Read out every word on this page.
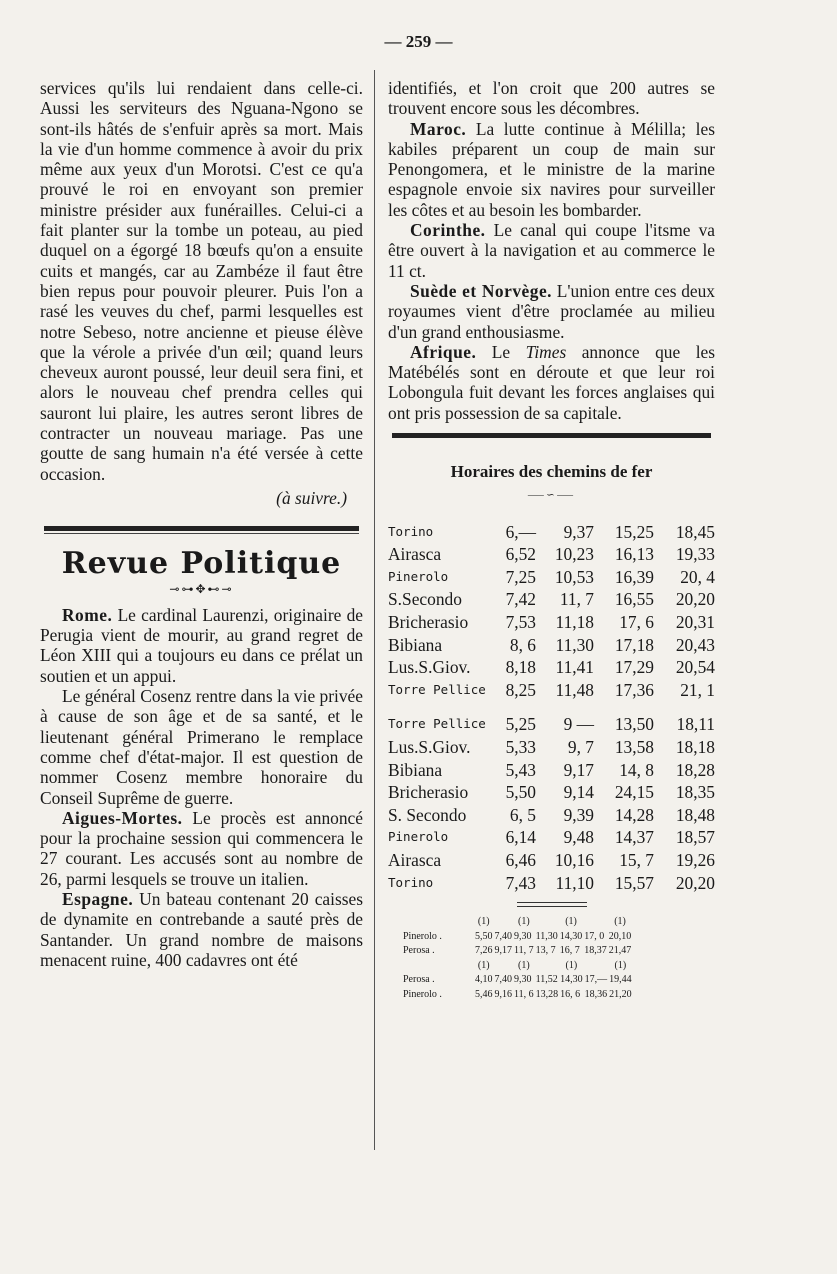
— 259 —

services qu'ils lui rendaient dans celle-ci. Aussi les serviteurs des Nguana-Ngono se sont-ils hâtés de s'enfuir après sa mort. Mais la vie d'un homme commence à avoir du prix même aux yeux d'un Morotsi. C'est ce qu'a prouvé le roi en envoyant son premier ministre présider aux funérailles. Celui-ci a fait planter sur la tombe un poteau, au pied duquel on a égorgé 18 bœufs qu'on a ensuite cuits et mangés, car au Zambéze il faut être bien repus pour pouvoir pleurer. Puis l'on a rasé les veuves du chef, parmi lesquelles est notre Sebeso, notre ancienne et pieuse élève que la vérole a privée d'un œil; quand leurs cheveux auront poussé, leur deuil sera fini, et alors le nouveau chef prendra celles qui sauront lui plaire, les autres seront libres de contracter un nouveau mariage. Pas une goutte de sang humain n'a été versée à cette occasion.

(à suivre.)

Revue Politique
⊸⊶✥⊷⊸

Rome. Le cardinal Laurenzi, originaire de Perugia vient de mourir, au grand regret de Léon XIII qui a toujours eu dans ce prélat un soutien et un appui.

Le général Cosenz rentre dans la vie privée à cause de son âge et de sa santé, et le lieutenant général Primerano le remplace comme chef d'état-major. Il est question de nommer Cosenz membre honoraire du Conseil Suprême de guerre.

Aigues-Mortes. Le procès est annoncé pour la prochaine session qui commencera le 27 courant. Les accusés sont au nombre de 26, parmi lesquels se trouve un italien.

Espagne. Un bateau contenant 20 caisses de dynamite en contrebande a sauté près de Santander. Un grand nombre de maisons menacent ruine, 400 cadavres ont été

identifiés, et l'on croit que 200 autres se trouvent encore sous les décombres.

Maroc. La lutte continue à Mélilla; les kabiles préparent un coup de main sur Penongomera, et le ministre de la marine espagnole envoie six navires pour surveiller les côtes et au besoin les bombarder.

Corinthe. Le canal qui coupe l'itsme va être ouvert à la navigation et au commerce le 11 ct.

Suède et Norvège. L'union entre ces deux royaumes vient d'être proclamée au milieu d'un grand enthousiasme.

Afrique. Le Times annonce que les Matébélés sont en déroute et que leur roi Lobongula fuit devant les forces anglaises qui ont pris possession de sa capitale.

Horaires des chemins de fer
⸺∽⸺
Torino	6,—	9,37	15,25	18,45
Airasca	6,52	10,23	16,13	19,33
Pinerolo	7,25	10,53	16,39	20, 4
S.Secondo	7,42	11, 7	16,55	20,20
Bricherasio	7,53	11,18	17, 6	20,31
Bibiana	8, 6	11,30	17,18	20,43
Lus.S.Giov.	8,18	11,41	17,29	20,54
Torre Pellice	8,25	11,48	17,36	21, 1
Torre Pellice	5,25	9 —	13,50	18,11
Lus.S.Giov.	5,33	9, 7	13,58	18,18
Bibiana	5,43	9,17	14, 8	18,28
Bricherasio	5,50	9,14	24,15	18,35
S. Secondo	6, 5	9,39	14,28	18,48
Pinerolo	6,14	9,48	14,37	18,57
Airasca	6,46	10,16	15, 7	19,26
Torino	7,43	11,10	15,57	20,20
	(1)		(1)		(1)		(1)
Pinerolo .	5,50	7,40	9,30	11,30	14,30	17, 0	20,10
Perosa .	7,26	9,17	11, 7	13, 7	16, 7	18,37	21,47
	(1)		(1)		(1)		(1)
Perosa .	4,10	7,40	9,30	11,52	14,30	17,—	19,44
Pinerolo .	5,46	9,16	11, 6	13,28	16, 6	18,36	21,20
